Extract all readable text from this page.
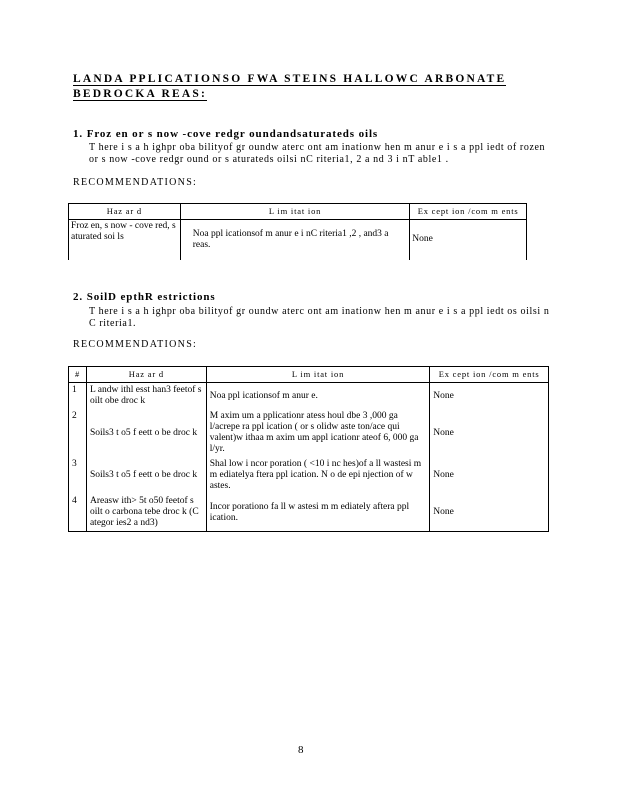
LANDA PPLICATIONSO FWA STEINS HALLOWC ARBONATE
BEDROCKA REAS:
1. Froz en or s now -cove redgr oundandsaturateds oils
T here i s a h ighpr oba bilityof gr oundw aterc ont am inationw hen m anur e i s a ppl iedt of rozen
or s now -cove redgr ound or s aturateds oilsi nC riteria1, 2 a nd 3 i nT able1 .
RECOMMENDATIONS:
Haz ar d	L im itat ion	Ex cept ion /com m ents
Froz en, s now - cove red, s aturated soi ls	Noa ppl icationsof m anur e i nC riteria1 ,2 , and3 a reas.	None
2. SoilD epthR estrictions
T here i s a h ighpr oba bilityof gr oundw aterc ont am inationw hen m anur e i s a ppl iedt os oilsi n
C riteria1.
RECOMMENDATIONS:
#	Haz ar d	L im itat ion	Ex cept ion /com m ents
1	L andw ithl esst han3 feetof s oilt obe droc k	Noa ppl icationsof m anur e.	None
2	Soils3 t o5 f eett o be droc k	M axim um a pplicationr atess houl dbe 3 ,000 ga l/acrepe ra ppl ication ( or s olidw aste ton/ace qui valent)w ithaa m axim um appl icationr ateof 6, 000 ga l/yr.	None
3	Soils3 t o5 f eett o be droc k	Shal low i ncor poration ( <10 i nc hes)of a ll wastesi m m ediatelya ftera ppl ication. N o de epi njection of w astes.	None
4	Areasw ith> 5t o50 feetof s oilt o carbona tebe droc k (C ategor ies2 a nd3)	Incor porationo fa ll w astesi m m ediately aftera ppl ication.	None
8
